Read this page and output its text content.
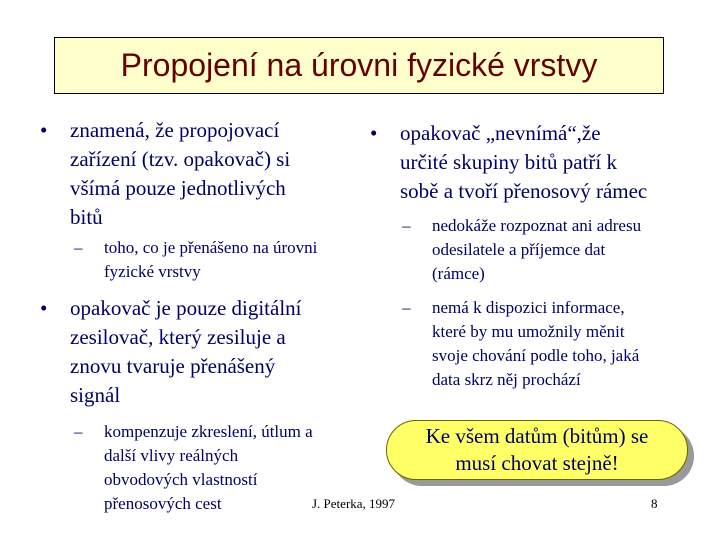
Propojení na úrovni fyzické vrstvy
• znamená, že propojovací
zařízení (tzv. opakovač) si
všímá pouze jednotlivých
bitů
– toho, co je přenášeno na úrovni
fyzické vrstvy
• opakovač je pouze digitální
zesilovač, který zesiluje a
znovu tvaruje přenášený
signál
– kompenzuje zkreslení, útlum a
další vlivy reálných
obvodových vlastností
přenosových cest
• opakovač „nevnímá“,že
určité skupiny bitů patří k
sobě a tvoří přenosový rámec
– nedokáže rozpoznat ani adresu
odesilatele a příjemce dat
(rámce)
– nemá k dispozici informace,
které by mu umožnily měnit
svoje chování podle toho, jaká
data skrz něj prochází
Ke všem datům (bitům) se
musí chovat stejně!
J. Peterka, 1997	8
